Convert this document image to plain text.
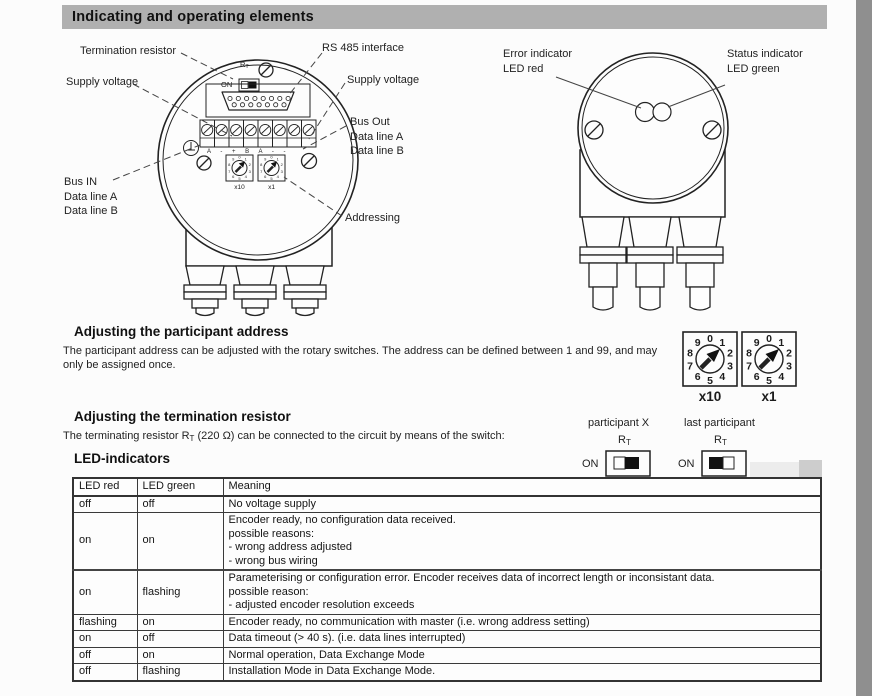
Indicating and operating elements
A - + B A - -
0 1
2
3
4
5
6
7
8
9
x10
0 1
2
3
4
5
6
7
8
9
x1
0 1
2
3
4
5
6
7
8
9
x10
0 1
2
3
4
5
6
7
8
9
x1
Termination resistor	RS 485 interface
Supply voltage	Supply voltage
Bus Out
Data line A
Data line B
Bus IN
Data line A
Data line B
Addressing
$R_T$
ON
Error indicator
LED red
Status indicator
LED green
Adjusting the participant address
The participant address can be adjusted with the rotary switches. The address can be defined between 1 and 99, and may
only be assigned once.
Adjusting the termination resistor
The terminating resistor $R_T$ (220 Ω) can be connected to the circuit by means of the switch:
participant X	last participant
$R_T$	$R_T$
ON	ON
LED-indicators
LED red	LED green	Meaning
off	off	No voltage supply

on	on	Encoder ready, no configuration data received.
possible reasons:
- wrong address adjusted
- wrong bus wiring

on	flashing	Parameterising or configuration error. Encoder receives data of incorrect length or inconsistant data.
possible reason:
- adjusted encoder resolution exceeds

flashing	on	Encoder ready, no communication with master (i.e. wrong address setting)

on	off	Data timeout (> 40 s). (i.e. data lines interrupted)

off	on	Normal operation, Data Exchange Mode

off	flashing	Installation Mode in Data Exchange Mode.
